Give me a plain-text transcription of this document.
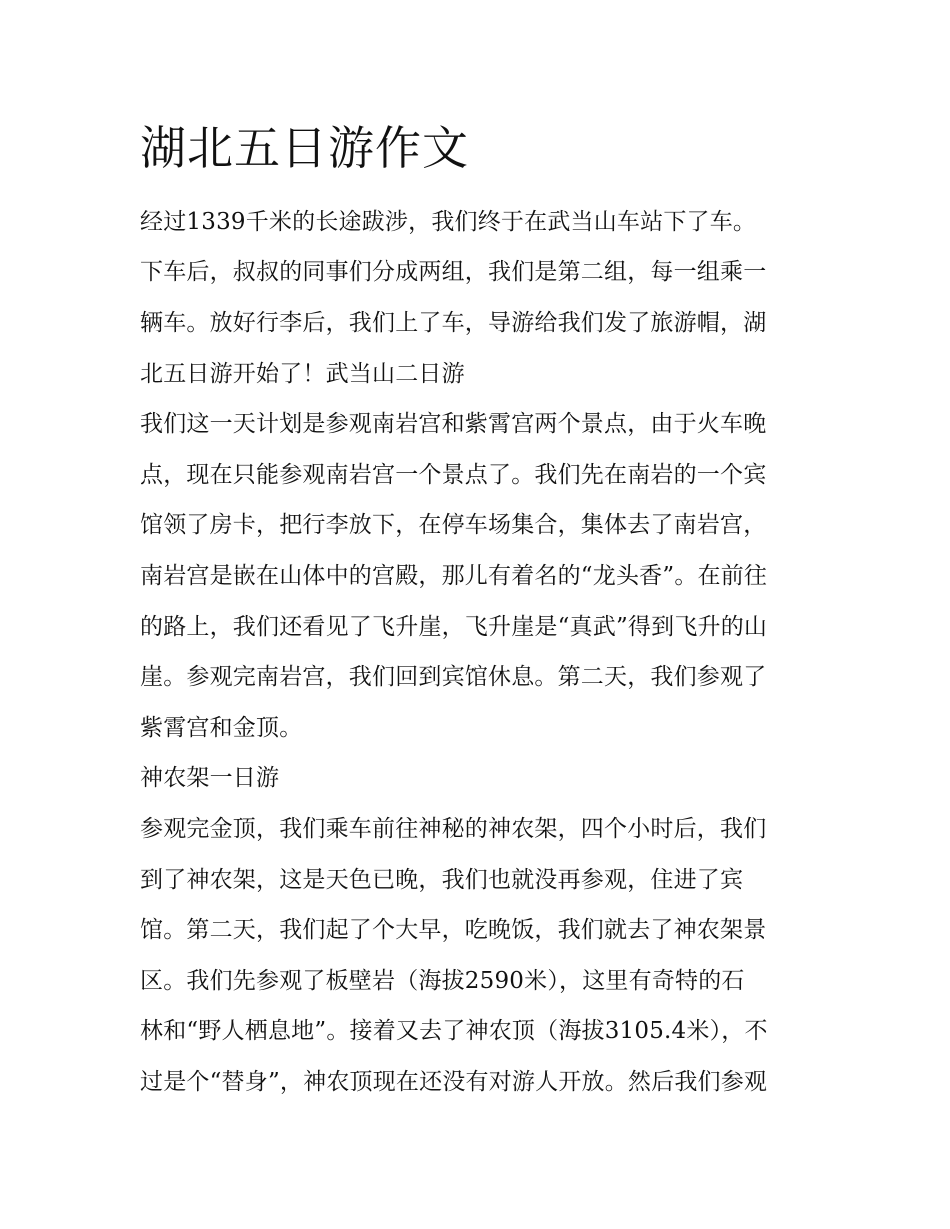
湖北五日游作文

经过1339千米的长途跋涉，我们终于在武当山车站下了车。

下车后，叔叔的同事们分成两组，我们是第二组，每一组乘一

辆车。放好行李后，我们上了车，导游给我们发了旅游帽，湖

北五日游开始了！武当山二日游

我们这一天计划是参观南岩宫和紫霄宫两个景点，由于火车晚

点，现在只能参观南岩宫一个景点了。我们先在南岩的一个宾

馆领了房卡，把行李放下，在停车场集合，集体去了南岩宫，

南岩宫是嵌在山体中的宫殿，那儿有着名的“龙头香”。在前往

的路上，我们还看见了飞升崖，飞升崖是“真武”得到飞升的山

崖。参观完南岩宫，我们回到宾馆休息。第二天，我们参观了

紫霄宫和金顶。

神农架一日游

参观完金顶，我们乘车前往神秘的神农架，四个小时后，我们

到了神农架，这是天色已晚，我们也就没再参观，住进了宾

馆。第二天，我们起了个大早，吃晚饭，我们就去了神农架景

区。我们先参观了板壁岩（海拔2590米），这里有奇特的石

林和“野人栖息地”。接着又去了神农顶（海拔3105.4米），不

过是个“替身”，神农顶现在还没有对游人开放。然后我们参观
